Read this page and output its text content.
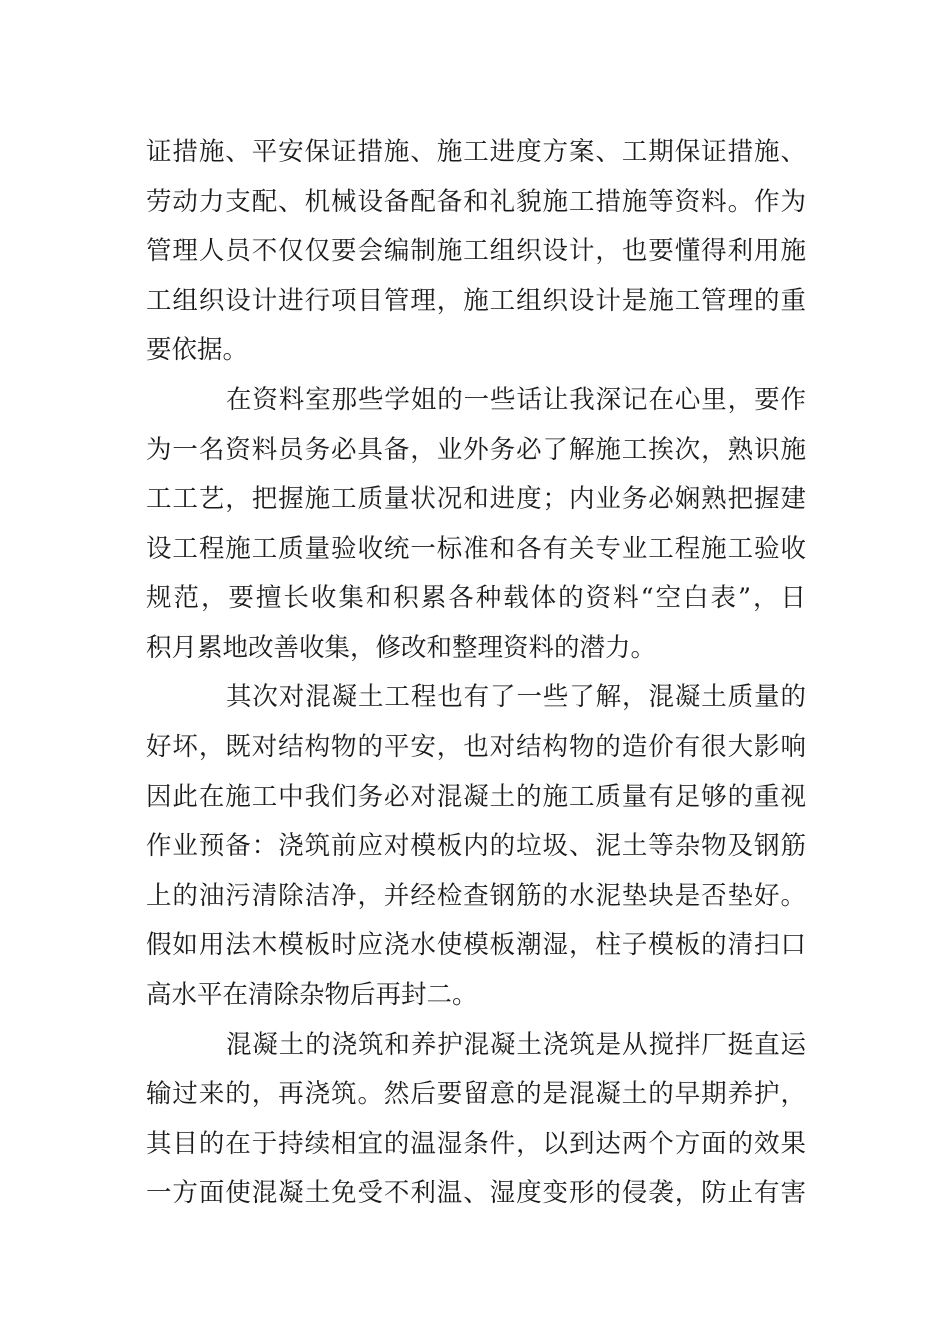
证措施、平安保证措施、施工进度方案、工期保证措施、
劳动力支配、机械设备配备和礼貌施工措施等资料。作为
管理人员不仅仅要会编制施工组织设计，也要懂得利用施
工组织设计进行项目管理，施工组织设计是施工管理的重
要依据。
在资料室那些学姐的一些话让我深记在心里，要作
为一名资料员务必具备，业外务必了解施工挨次，熟识施
工工艺，把握施工质量状况和进度；内业务必娴熟把握建
设工程施工质量验收统一标准和各有关专业工程施工验收
规范，要擅长收集和积累各种载体的资料“空白表”，日
积月累地改善收集，修改和整理资料的潜力。
其次对混凝土工程也有了一些了解，混凝土质量的
好坏，既对结构物的平安，也对结构物的造价有很大影响
因此在施工中我们务必对混凝土的施工质量有足够的重视
作业预备：浇筑前应对模板内的垃圾、泥土等杂物及钢筋
上的油污清除洁净，并经检查钢筋的水泥垫块是否垫好。
假如用法木模板时应浇水使模板潮湿，柱子模板的清扫口
高水平在清除杂物后再封二。
混凝土的浇筑和养护混凝土浇筑是从搅拌厂挺直运
输过来的，再浇筑。然后要留意的是混凝土的早期养护，
其目的在于持续相宜的温湿条件，以到达两个方面的效果
一方面使混凝土免受不利温、湿度变形的侵袭，防止有害
